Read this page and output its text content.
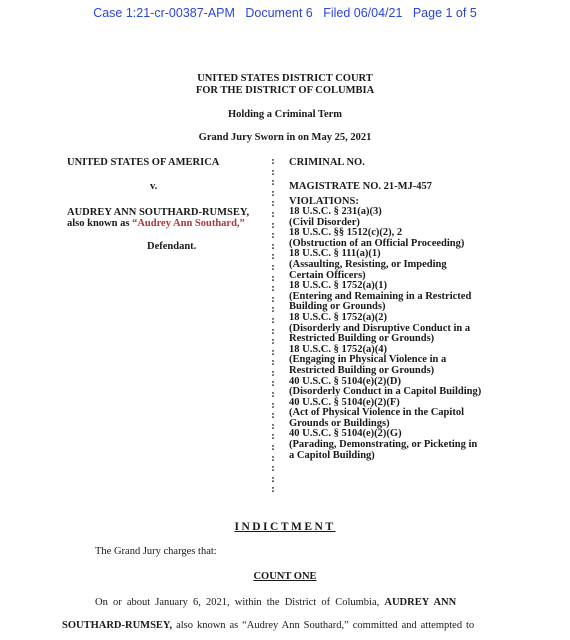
Case 1:21-cr-00387-APM Document 6 Filed 06/04/21 Page 1 of 5
UNITED STATES DISTRICT COURT
FOR THE DISTRICT OF COLUMBIA
Holding a Criminal Term
Grand Jury Sworn in on May 25, 2021
UNITED STATES OF AMERICA
v.
AUDREY ANN SOUTHARD-RUMSEY,
also known as “Audrey Ann Southard,”
Defendant.
:
:
:
:
:
:
:
:
:
:
:
:
:
:
:
:
:
:
:
:
:
:
:
:
:
:
:
:
:
:
:
:
CRIMINAL NO.
MAGISTRATE NO. 21-MJ-457
VIOLATIONS:
18 U.S.C. § 231(a)(3)
(Civil Disorder)
18 U.S.C. §§ 1512(c)(2), 2
(Obstruction of an Official Proceeding)
18 U.S.C. § 111(a)(1)
(Assaulting, Resisting, or Impeding
Certain Officers)
18 U.S.C. § 1752(a)(1)
(Entering and Remaining in a Restricted
Building or Grounds)
18 U.S.C. § 1752(a)(2)
(Disorderly and Disruptive Conduct in a
Restricted Building or Grounds)
18 U.S.C. § 1752(a)(4)
(Engaging in Physical Violence in a
Restricted Building or Grounds)
40 U.S.C. § 5104(e)(2)(D)
(Disorderly Conduct in a Capitol Building)
40 U.S.C. § 5104(e)(2)(F)
(Act of Physical Violence in the Capitol
Grounds or Buildings)
40 U.S.C. § 5104(e)(2)(G)
(Parading, Demonstrating, or Picketing in
a Capitol Building)
INDICTMENT
The Grand Jury charges that:
COUNT ONE
On or about January 6, 2021, within the District of Columbia, AUDREY ANN
SOUTHARD-RUMSEY, also known as “Audrey Ann Southard,” committed and attempted to
